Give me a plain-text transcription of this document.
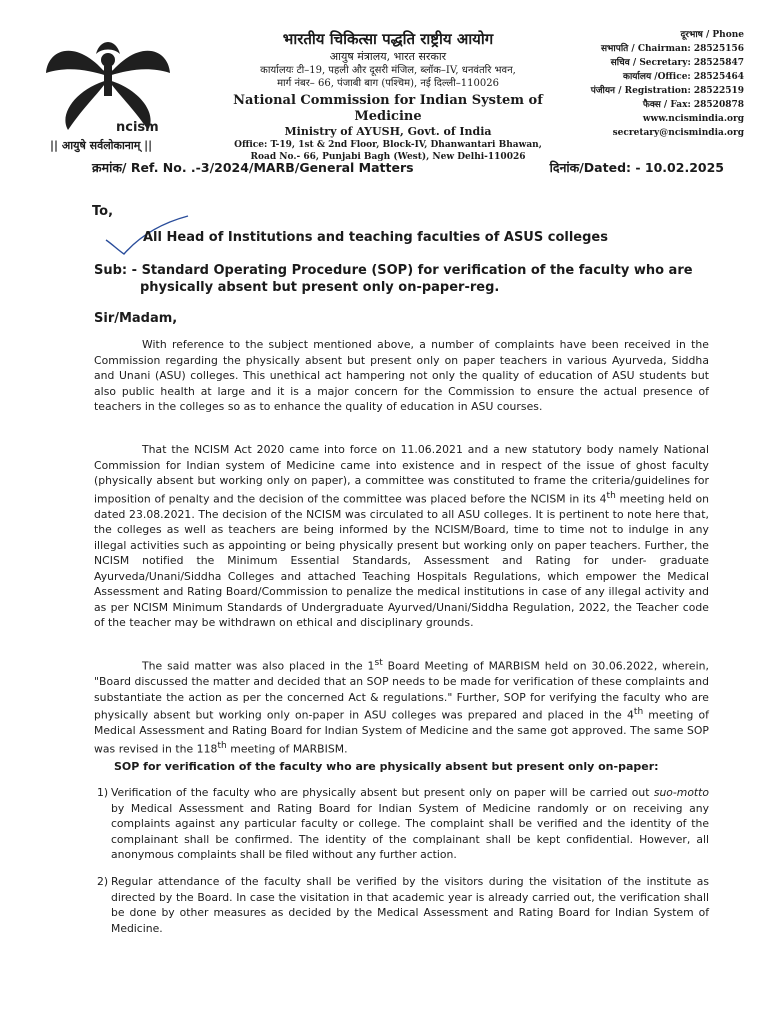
ncism
|| आयुषे सर्वलोकानाम् ||
भारतीय चिकित्सा पद्धति राष्ट्रीय आयोग
आयुष मंत्रालय, भारत सरकार
कार्यालयः टी–19, पहली और दूसरी मंजिल, ब्लॉक–IV, धनवंतरि भवन,
मार्ग नंबर– 66, पंजाबी बाग (पश्चिम), नई दिल्ली–110026
National Commission for Indian System of Medicine
Ministry of AYUSH, Govt. of India
Office: T-19, 1st & 2nd Floor, Block-IV, Dhanwantari Bhawan,
Road No.- 66, Punjabi Bagh (West), New Delhi-110026
दूरभाष / Phone
सभापति / Chairman: 28525156
सचिव / Secretary: 28525847
कार्यालय /Office: 28525464
पंजीयन / Registration: 28522519
फैक्स / Fax: 28520878
www.ncismindia.org
secretary@ncismindia.org
क्रमांक/ Ref. No. .-3/2024/MARB/General Matters	दिनांक/Dated: - 10.02.2025
To,
All Head of Institutions and teaching faculties of ASUS colleges
Sub: - Standard Operating Procedure (SOP) for verification of the faculty who are physically absent but present only on-paper-reg.
Sir/Madam,
With reference to the subject mentioned above, a number of complaints have been received in the Commission regarding the physically absent but present only on paper teachers in various Ayurveda, Siddha and Unani (ASU) colleges. This unethical act hampering not only the quality of education of ASU students but also public health at large and it is a major concern for the Commission to ensure the actual presence of teachers in the colleges so as to enhance the quality of education in ASU courses.
That the NCISM Act 2020 came into force on 11.06.2021 and a new statutory body namely National Commission for Indian system of Medicine came into existence and in respect of the issue of ghost faculty (physically absent but working only on paper), a committee was constituted to frame the criteria/guidelines for imposition of penalty and the decision of the committee was placed before the NCISM in its 4th meeting held on dated 23.08.2021. The decision of the NCISM was circulated to all ASU colleges. It is pertinent to note here that, the colleges as well as teachers are being informed by the NCISM/Board, time to time not to indulge in any illegal activities such as appointing or being physically present but working only on paper teachers. Further, the NCISM notified the Minimum Essential Standards, Assessment and Rating for under- graduate Ayurveda/Unani/Siddha Colleges and attached Teaching Hospitals Regulations, which empower the Medical Assessment and Rating Board/Commission to penalize the medical institutions in case of any illegal activity and as per NCISM Minimum Standards of Undergraduate Ayurved/Unani/Siddha Regulation, 2022, the Teacher code of the teacher may be withdrawn on ethical and disciplinary grounds.
The said matter was also placed in the 1st Board Meeting of MARBISM held on 30.06.2022, wherein, "Board discussed the matter and decided that an SOP needs to be made for verification of these complaints and substantiate the action as per the concerned Act & regulations." Further, SOP for verifying the faculty who are physically absent but working only on-paper in ASU colleges was prepared and placed in the 4th meeting of Medical Assessment and Rating Board for Indian System of Medicine and the same got approved. The same SOP was revised in the 118th meeting of MARBISM.
SOP for verification of the faculty who are physically absent but present only on-paper:
1) Verification of the faculty who are physically absent but present only on paper will be carried out suo-motto by Medical Assessment and Rating Board for Indian System of Medicine randomly or on receiving any complaints against any particular faculty or college. The complaint shall be verified and the identity of the complainant shall be confirmed. The identity of the complainant shall be kept confidential. However, all anonymous complaints shall be filed without any further action.
2) Regular attendance of the faculty shall be verified by the visitors during the visitation of the institute as directed by the Board. In case the visitation in that academic year is already carried out, the verification shall be done by other measures as decided by the Medical Assessment and Rating Board for Indian System of Medicine.
